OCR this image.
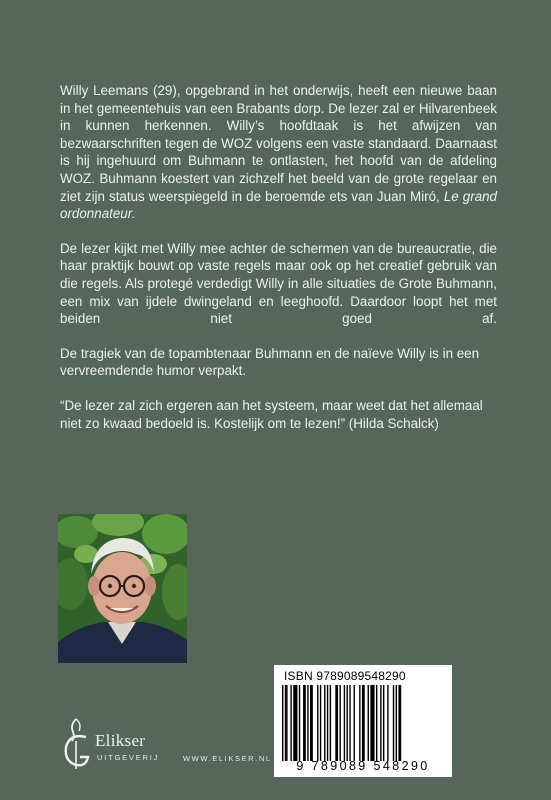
Willy Leemans (29), opgebrand in het onderwijs, heeft een nieuwe baan in het gemeentehuis van een Brabants dorp. De lezer zal er Hilvarenbeek in kunnen herkennen. Willy’s hoofdtaak is het afwijzen van bezwaarschriften tegen de WOZ volgens een vaste standaard. Daarnaast is hij ingehuurd om Buhmann te ontlasten, het hoofd van de afdeling WOZ. Buhmann koestert van zichzelf het beeld van de grote regelaar en ziet zijn status weerspiegeld in de beroemde ets van Juan Miró, Le grand ordonnateur.

De lezer kijkt met Willy mee achter de schermen van de bureaucratie, die haar praktijk bouwt op vaste regels maar ook op het creatief gebruik van die regels. Als protegé verdedigt Willy in alle situaties de Grote Buhmann, een mix van ijdele dwingeland en leeghoofd. Daardoor loopt het met beiden niet goed af.

De tragiek van de topambtenaar Buhmann en de naïeve Willy is in een vervreemdende humor verpakt.

“De lezer zal zich ergeren aan het systeem, maar weet dat het allemaal niet zo kwaad bedoeld is. Kostelijk om te lezen!” (Hilda Schalck)

ISBN 9789089548290
9 789089 548290
Elikser
UITGEVERIJ	WWW.ELIKSER.NL
